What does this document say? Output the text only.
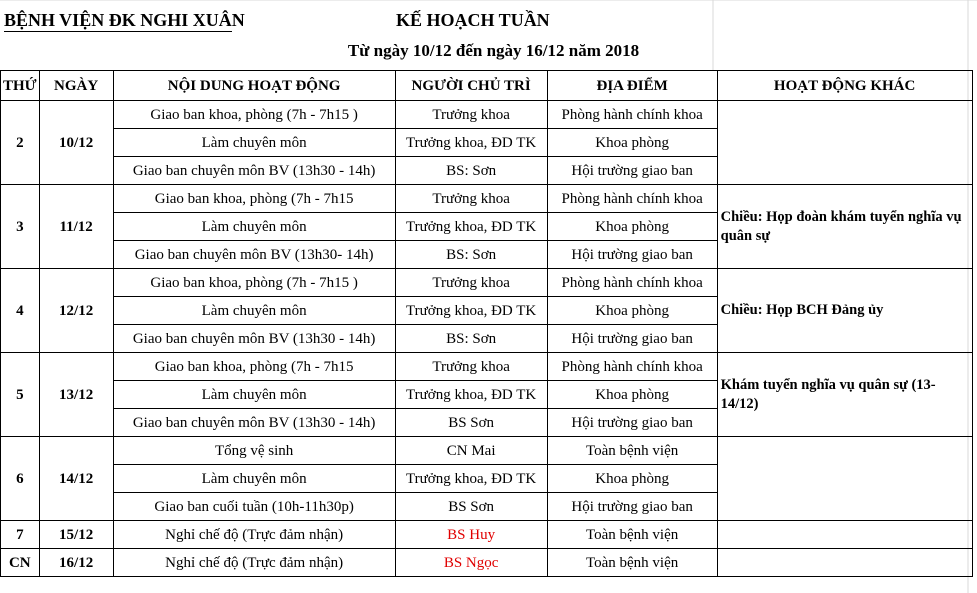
BỆNH VIỆN ĐK NGHI XUÂN	KẾ HOẠCH TUẦN
Từ ngày 10/12 đến ngày 16/12 năm 2018
THỨ	NGÀY	NỘI DUNG HOẠT ĐỘNG	NGƯỜI CHỦ TRÌ	ĐỊA ĐIỂM	HOẠT ĐỘNG KHÁC
2	10/12	Giao ban khoa, phòng (7h - 7h15 )	Trưởng khoa	Phòng hành chính khoa	
		Làm chuyên môn	Trưởng khoa, ĐD TK	Khoa phòng	
		Giao ban chuyên môn BV (13h30 - 14h)	BS: Sơn	Hội trường giao ban	
3	11/12	Giao ban khoa, phòng (7h - 7h15	Trưởng khoa	Phòng hành chính khoa	Chiều: Họp đoàn khám tuyển nghĩa vụ quân sự
		Làm chuyên môn	Trưởng khoa, ĐD TK	Khoa phòng	
		Giao ban chuyên môn BV (13h30- 14h)	BS: Sơn	Hội trường giao ban	
4	12/12	Giao ban khoa, phòng (7h - 7h15 )	Trưởng khoa	Phòng hành chính khoa	Chiều: Họp BCH Đảng ủy
		Làm chuyên môn	Trưởng khoa, ĐD TK	Khoa phòng	
		Giao ban chuyên môn BV (13h30 - 14h)	BS: Sơn	Hội trường giao ban	
5	13/12	Giao ban khoa, phòng (7h - 7h15	Trưởng khoa	Phòng hành chính khoa	Khám tuyển nghĩa vụ quân sự (13-14/12)
		Làm chuyên môn	Trưởng khoa, ĐD TK	Khoa phòng	
		Giao ban chuyên môn BV (13h30 - 14h)	BS Sơn	Hội trường giao ban	
6	14/12	Tổng vệ sinh	CN Mai	Toàn bệnh viện	
		Làm chuyên môn	Trưởng khoa, ĐD TK	Khoa phòng	
		Giao ban cuối tuần (10h-11h30p)	BS Sơn	Hội trường giao ban	
7	15/12	Nghỉ chế độ (Trực đảm nhận)	BS Huy	Toàn bệnh viện	
CN	16/12	Nghỉ chế độ (Trực đảm nhận)	BS Ngọc	Toàn bệnh viện	
